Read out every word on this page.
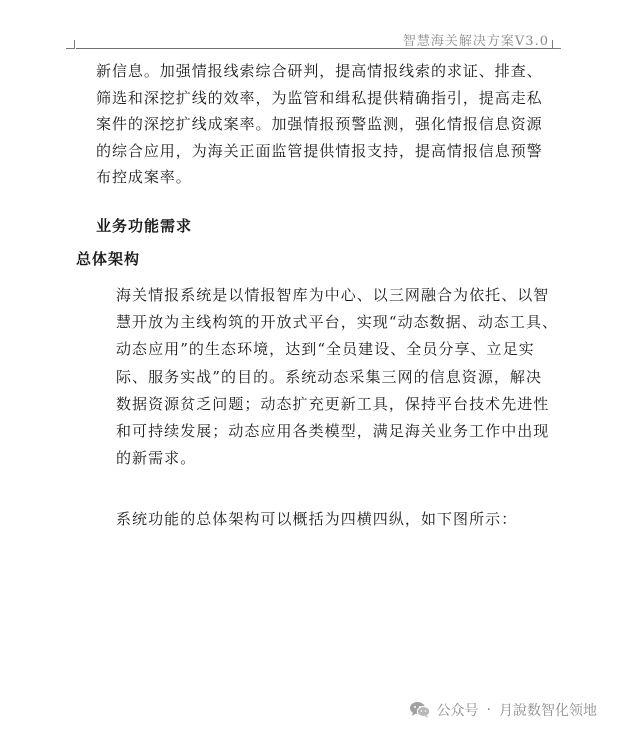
智慧海关解决方案V3.0

新信息。加强情报线索综合研判，提高情报线索的求证、排查、
筛选和深挖扩线的效率，为监管和缉私提供精确指引，提高走私
案件的深挖扩线成案率。加强情报预警监测，强化情报信息资源
的综合应用，为海关正面监管提供情报支持，提高情报信息预警
布控成案率。

业务功能需求
总体架构

海关情报系统是以情报智库为中心、以三网融合为依托、以智
慧开放为主线构筑的开放式平台，实现“动态数据、动态工具、
动态应用”的生态环境，达到“全员建设、全员分享、立足实
际、服务实战”的目的。系统动态采集三网的信息资源，解决
数据资源贫乏问题；动态扩充更新工具，保持平台技术先进性
和可持续发展；动态应用各类模型，满足海关业务工作中出现
的新需求。

系统功能的总体架构可以概括为四横四纵，如下图所示：

公众号 · 月說数智化领地
